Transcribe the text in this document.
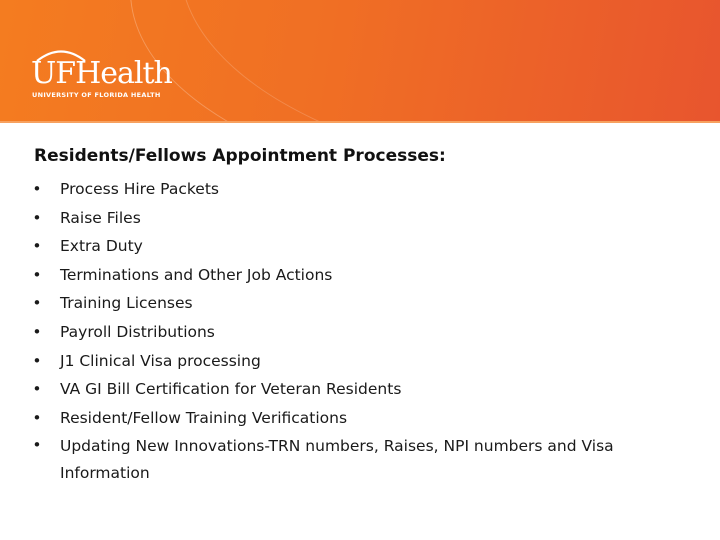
UFHealth
UNIVERSITY OF FLORIDA HEALTH
Residents/Fellows Appointment Processes:
• Process Hire Packets
• Raise Files
• Extra Duty
• Terminations and Other Job Actions
• Training Licenses
• Payroll Distributions
• J1 Clinical Visa processing
• VA GI Bill Certification for Veteran Residents
• Resident/Fellow Training Verifications
• Updating New Innovations-TRN numbers, Raises, NPI numbers and Visa Information
